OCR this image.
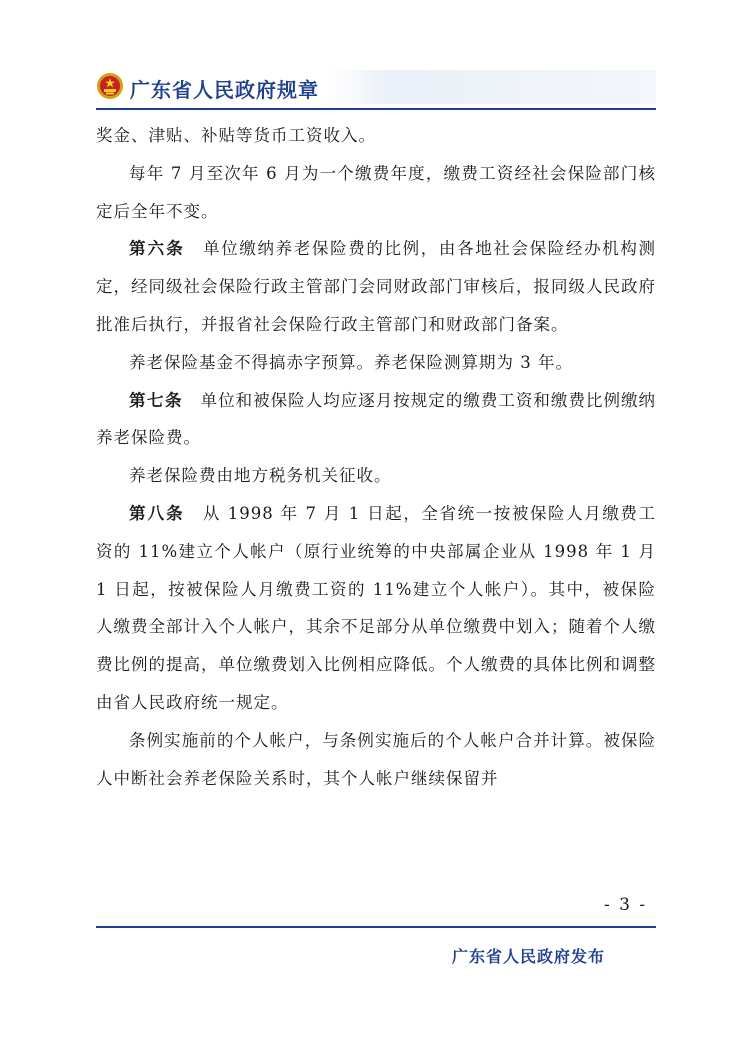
广东省人民政府规章

奖金、津贴、补贴等货币工资收入。

每年 7 月至次年 6 月为一个缴费年度，缴费工资经社会保险部门核定后全年不变。

第六条　单位缴纳养老保险费的比例，由各地社会保险经办机构测定，经同级社会保险行政主管部门会同财政部门审核后，报同级人民政府批准后执行，并报省社会保险行政主管部门和财政部门备案。

养老保险基金不得搞赤字预算。养老保险测算期为 3 年。

第七条　单位和被保险人均应逐月按规定的缴费工资和缴费比例缴纳养老保险费。

养老保险费由地方税务机关征收。

第八条　从 1998 年 7 月 1 日起，全省统一按被保险人月缴费工资的 11%建立个人帐户（原行业统筹的中央部属企业从 1998 年 1 月 1 日起，按被保险人月缴费工资的 11%建立个人帐户）。其中，被保险人缴费全部计入个人帐户，其余不足部分从单位缴费中划入；随着个人缴费比例的提高，单位缴费划入比例相应降低。个人缴费的具体比例和调整由省人民政府统一规定。

条例实施前的个人帐户，与条例实施后的个人帐户合并计算。被保险人中断社会养老保险关系时，其个人帐户继续保留并

- 3 -
广东省人民政府发布
